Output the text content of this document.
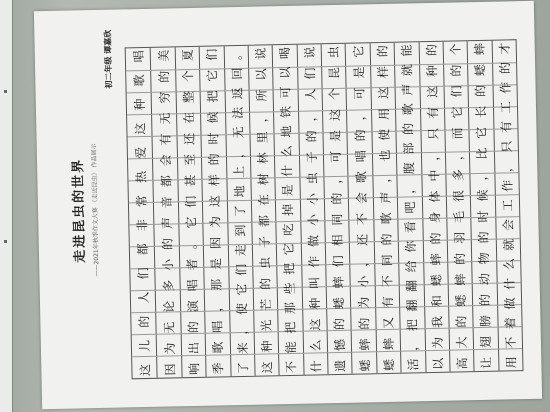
走进昆虫的世界 ——2021年秋季作文大赛 《走近昆虫》 作品展示
初二年级 谭嘉欣
这
儿
的
人
们
都
非
常
热
爱
这
种
歌
唱
因
为
无
论
多
小
的
声
音
都
会
有
无
穷
的
美
响
出
的
演
唱
者
。
它
们
甚
至
还
在
整
个
夏
季
歌
唱
，
那
是
因
为
这
样
的
时
候
把
它
们
了
来
，
使
它
们
走
到
了
地
上
，
无
法
返
回
。
这
种
光
芒
的
虫
子
都
在
树
林
里
，
所
以
说
不
能
把
那
些
把
它
吃
掉
是
什
么
地
铁
可
以
喝
什
么
这
种
叫
作
做
小
小
虫
子
的
，
人
们
说
遗
憾
的
蟋
蟀
们
相
同
的
，
可
是
这
个
昆
虫
蟋
蟀
的
为
小
，
还
不
会
歌
唱
的
，
可
是
它
蟋
蟀
又
有
不
同
的
歌
声
，
也
使
用
这
样
的
活
，
把
翻
翻
给
你
看
吧
，
腹
部
的
歌
声
就
能
以
为
我
和
蟋
蟀
的
身
体
中
，
只
有
这
种
的
高
大
的
蟋
蟀
的
羽
毛
很
多
，
而
它
们
的
个
让
翅
膀
的
动
物
的
时
候
，
比
它
长
的
蟋
蟀
用
不
着
做
什
么
就
会
工
作
，
只
有
工
作
的
才
